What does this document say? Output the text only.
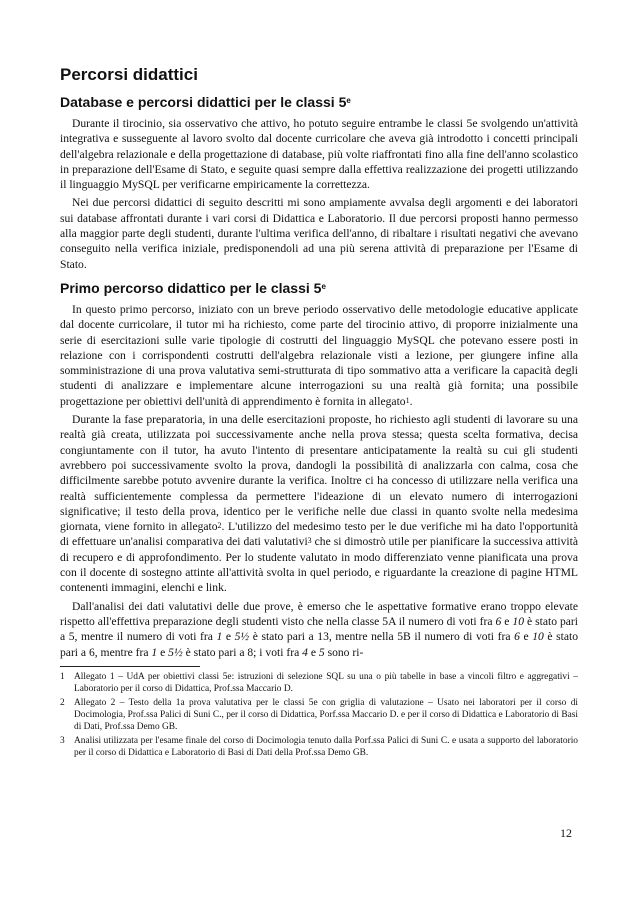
Percorsi didattici
Database e percorsi didattici per le classi 5e

Durante il tirocinio, sia osservativo che attivo, ho potuto seguire entrambe le classi 5e svolgendo un'attività integrativa e susseguente al lavoro svolto dal docente curricolare che aveva già introdotto i concetti principali dell'algebra relazionale e della progettazione di database, più volte riaffrontati fino alla fine dell'anno scolastico in preparazione dell'Esame di Stato, e seguite quasi sempre dalla effettiva realizzazione dei progetti utilizzando il linguaggio MySQL per verificarne empiricamente la correttezza.

Nei due percorsi didattici di seguito descritti mi sono ampiamente avvalsa degli argomenti e dei laboratori sui database affrontati durante i vari corsi di Didattica e Laboratorio. Il due percorsi proposti hanno permesso alla maggior parte degli studenti, durante l'ultima verifica dell'anno, di ribaltare i risultati negativi che avevano conseguito nella verifica iniziale, predisponendoli ad una più serena attività di preparazione per l'Esame di Stato.

Primo percorso didattico per le classi 5e

In questo primo percorso, iniziato con un breve periodo osservativo delle metodologie educative applicate dal docente curricolare, il tutor mi ha richiesto, come parte del tirocinio attivo, di proporre inizialmente una serie di esercitazioni sulle varie tipologie di costrutti del linguaggio MySQL che potevano essere posti in relazione con i corrispondenti costrutti dell'algebra relazionale visti a lezione, per giungere infine alla somministrazione di una prova valutativa semi-strutturata di tipo sommativo atta a verificare la capacità degli studenti di analizzare e implementare alcune interrogazioni su una realtà già fornita; una possibile progettazione per obiettivi dell'unità di apprendimento è fornita in allegato$^1$.

Durante la fase preparatoria, in una delle esercitazioni proposte, ho richiesto agli studenti di lavorare su una realtà già creata, utilizzata poi successivamente anche nella prova stessa; questa scelta formativa, decisa congiuntamente con il tutor, ha avuto l'intento di presentare anticipatamente la realtà su cui gli studenti avrebbero poi successivamente svolto la prova, dandogli la possibilità di analizzarla con calma, cosa che difficilmente sarebbe potuto avvenire durante la verifica. Inoltre ci ha concesso di utilizzare nella verifica una realtà sufficientemente complessa da permettere l'ideazione di un elevato numero di interrogazioni significative; il testo della prova, identico per le verifiche nelle due classi in quanto svolte nella medesima giornata, viene fornito in allegato$^2$. L'utilizzo del medesimo testo per le due verifiche mi ha dato l'opportunità di effettuare un'analisi comparativa dei dati valutativi$^3$ che si dimostrò utile per pianificare la successiva attività di recupero e di approfondimento. Per lo studente valutato in modo differenziato venne pianificata una prova con il docente di sostegno attinte all'attività svolta in quel periodo, e riguardante la creazione di pagine HTML contenenti immagini, elenchi e link.

Dall'analisi dei dati valutativi delle due prove, è emerso che le aspettative formative erano troppo elevate rispetto all'effettiva preparazione degli studenti visto che nella classe 5A il numero di voti fra 6 e 10 è stato pari a 5, mentre il numero di voti fra 1 e 5½ è stato pari a 13, mentre nella 5B il numero di voti fra 6 e 10 è stato pari a 6, mentre fra 1 e 5½ è stato pari a 8; i voti fra 4 e 5 sono ri-

1 Allegato 1 – UdA per obiettivi classi 5e: istruzioni di selezione SQL su una o più tabelle in base a vincoli filtro e aggregativi – Laboratorio per il corso di Didattica, Prof.ssa Maccario D.
2 Allegato 2 – Testo della 1a prova valutativa per le classi 5e con griglia di valutazione – Usato nei laboratori per il corso di Docimologia, Prof.ssa Palici di Suni C., per il corso di Didattica, Porf.ssa Maccario D. e per il corso di Didattica e Laboratorio di Basi di Dati, Prof.ssa Demo GB.
3 Analisi utilizzata per l'esame finale del corso di Docimologia tenuto dalla Porf.ssa Palici di Suni C. e usata a supporto del laboratorio per il corso di Didattica e Laboratorio di Basi di Dati della Prof.ssa Demo GB.
12
